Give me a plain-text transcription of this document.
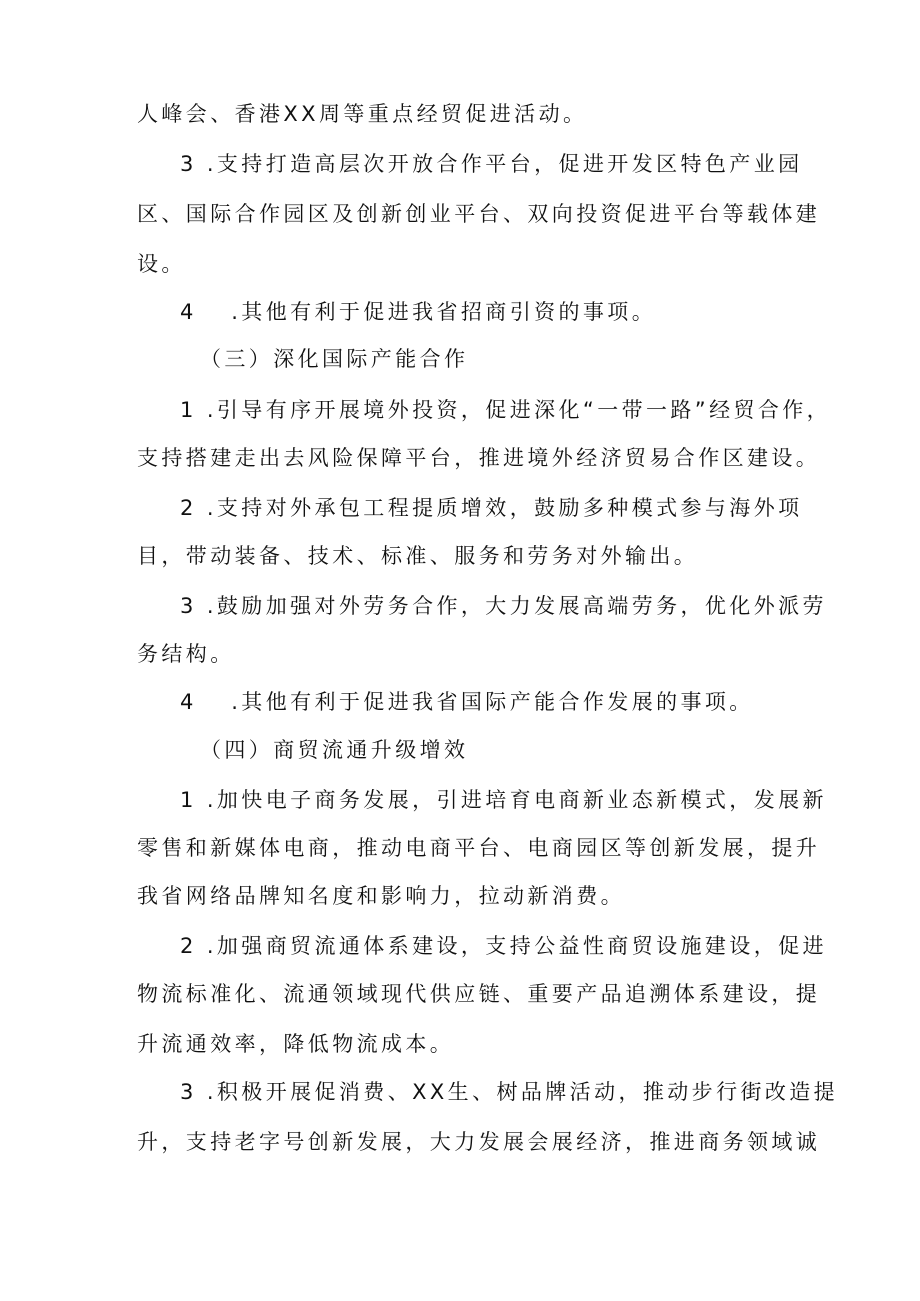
人峰会、香港XX周等重点经贸促进活动。
3 .支持打造高层次开放合作平台，促进开发区特色产业园
区、国际合作园区及创新创业平台、双向投资促进平台等载体建
设。
4　 .其他有利于促进我省招商引资的事项。
（三）深化国际产能合作
1 .引导有序开展境外投资，促进深化“一带一路”经贸合作，
支持搭建走出去风险保障平台，推进境外经济贸易合作区建设。
2 .支持对外承包工程提质增效，鼓励多种模式参与海外项
目，带动装备、技术、标准、服务和劳务对外输出。
3 .鼓励加强对外劳务合作，大力发展高端劳务，优化外派劳
务结构。
4　 .其他有利于促进我省国际产能合作发展的事项。
（四）商贸流通升级增效
1 .加快电子商务发展，引进培育电商新业态新模式，发展新
零售和新媒体电商，推动电商平台、电商园区等创新发展，提升
我省网络品牌知名度和影响力，拉动新消费。
2 .加强商贸流通体系建设，支持公益性商贸设施建设，促进
物流标准化、流通领域现代供应链、重要产品追溯体系建设，提
升流通效率，降低物流成本。
3 .积极开展促消费、XX生、树品牌活动，推动步行街改造提
升，支持老字号创新发展，大力发展会展经济，推进商务领域诚
